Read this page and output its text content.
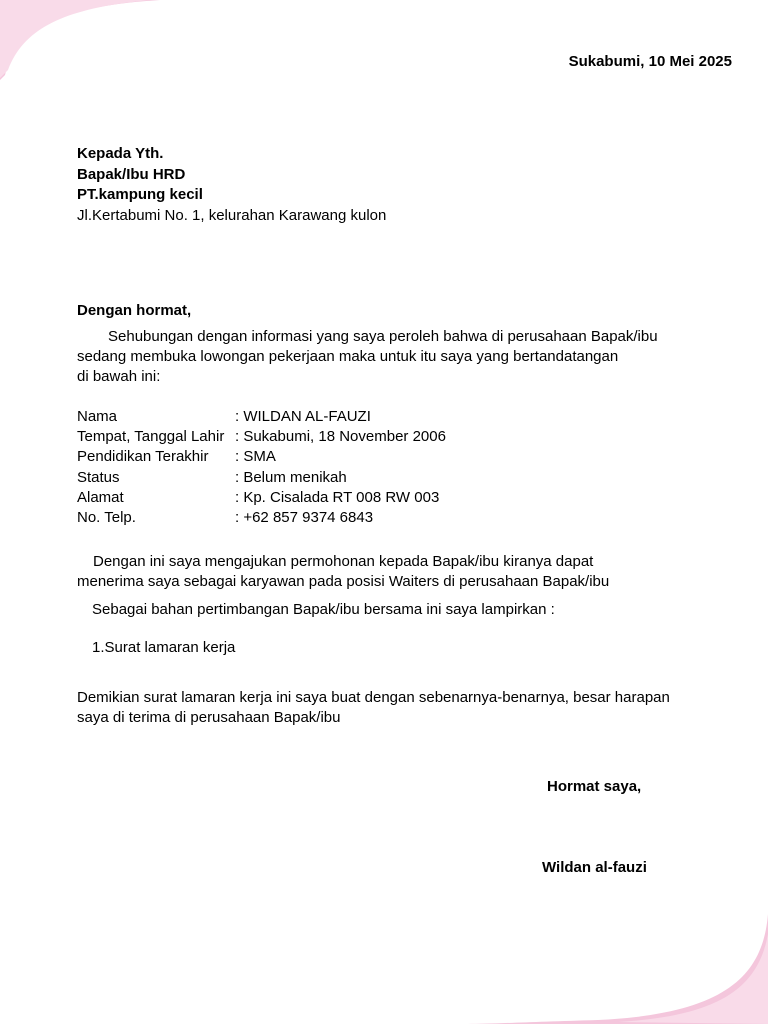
Sukabumi, 10 Mei 2025
Kepada Yth.
Bapak/Ibu HRD
PT.kampung kecil
Jl.Kertabumi No. 1, kelurahan Karawang kulon
Dengan hormat,
Sehubungan dengan informasi yang saya peroleh bahwa di perusahaan Bapak/ibu
sedang membuka lowongan pekerjaan maka untuk itu saya yang bertandatangan
di bawah ini:
Nama	: WILDAN AL-FAUZI
Tempat, Tanggal Lahir	: Sukabumi, 18 November 2006
Pendidikan Terakhir	: SMA
Status	: Belum menikah
Alamat	: Kp. Cisalada RT 008 RW 003
No. Telp.	: +62 857 9374 6843
Dengan ini saya mengajukan permohonan kepada Bapak/ibu kiranya dapat
menerima saya sebagai karyawan pada posisi Waiters di perusahaan Bapak/ibu
Sebagai bahan pertimbangan Bapak/ibu bersama ini saya lampirkan :
1.Surat lamaran kerja
Demikian surat lamaran kerja ini saya buat dengan sebenarnya-benarnya, besar harapan
saya di terima di perusahaan Bapak/ibu
Hormat saya,
Wildan al-fauzi
